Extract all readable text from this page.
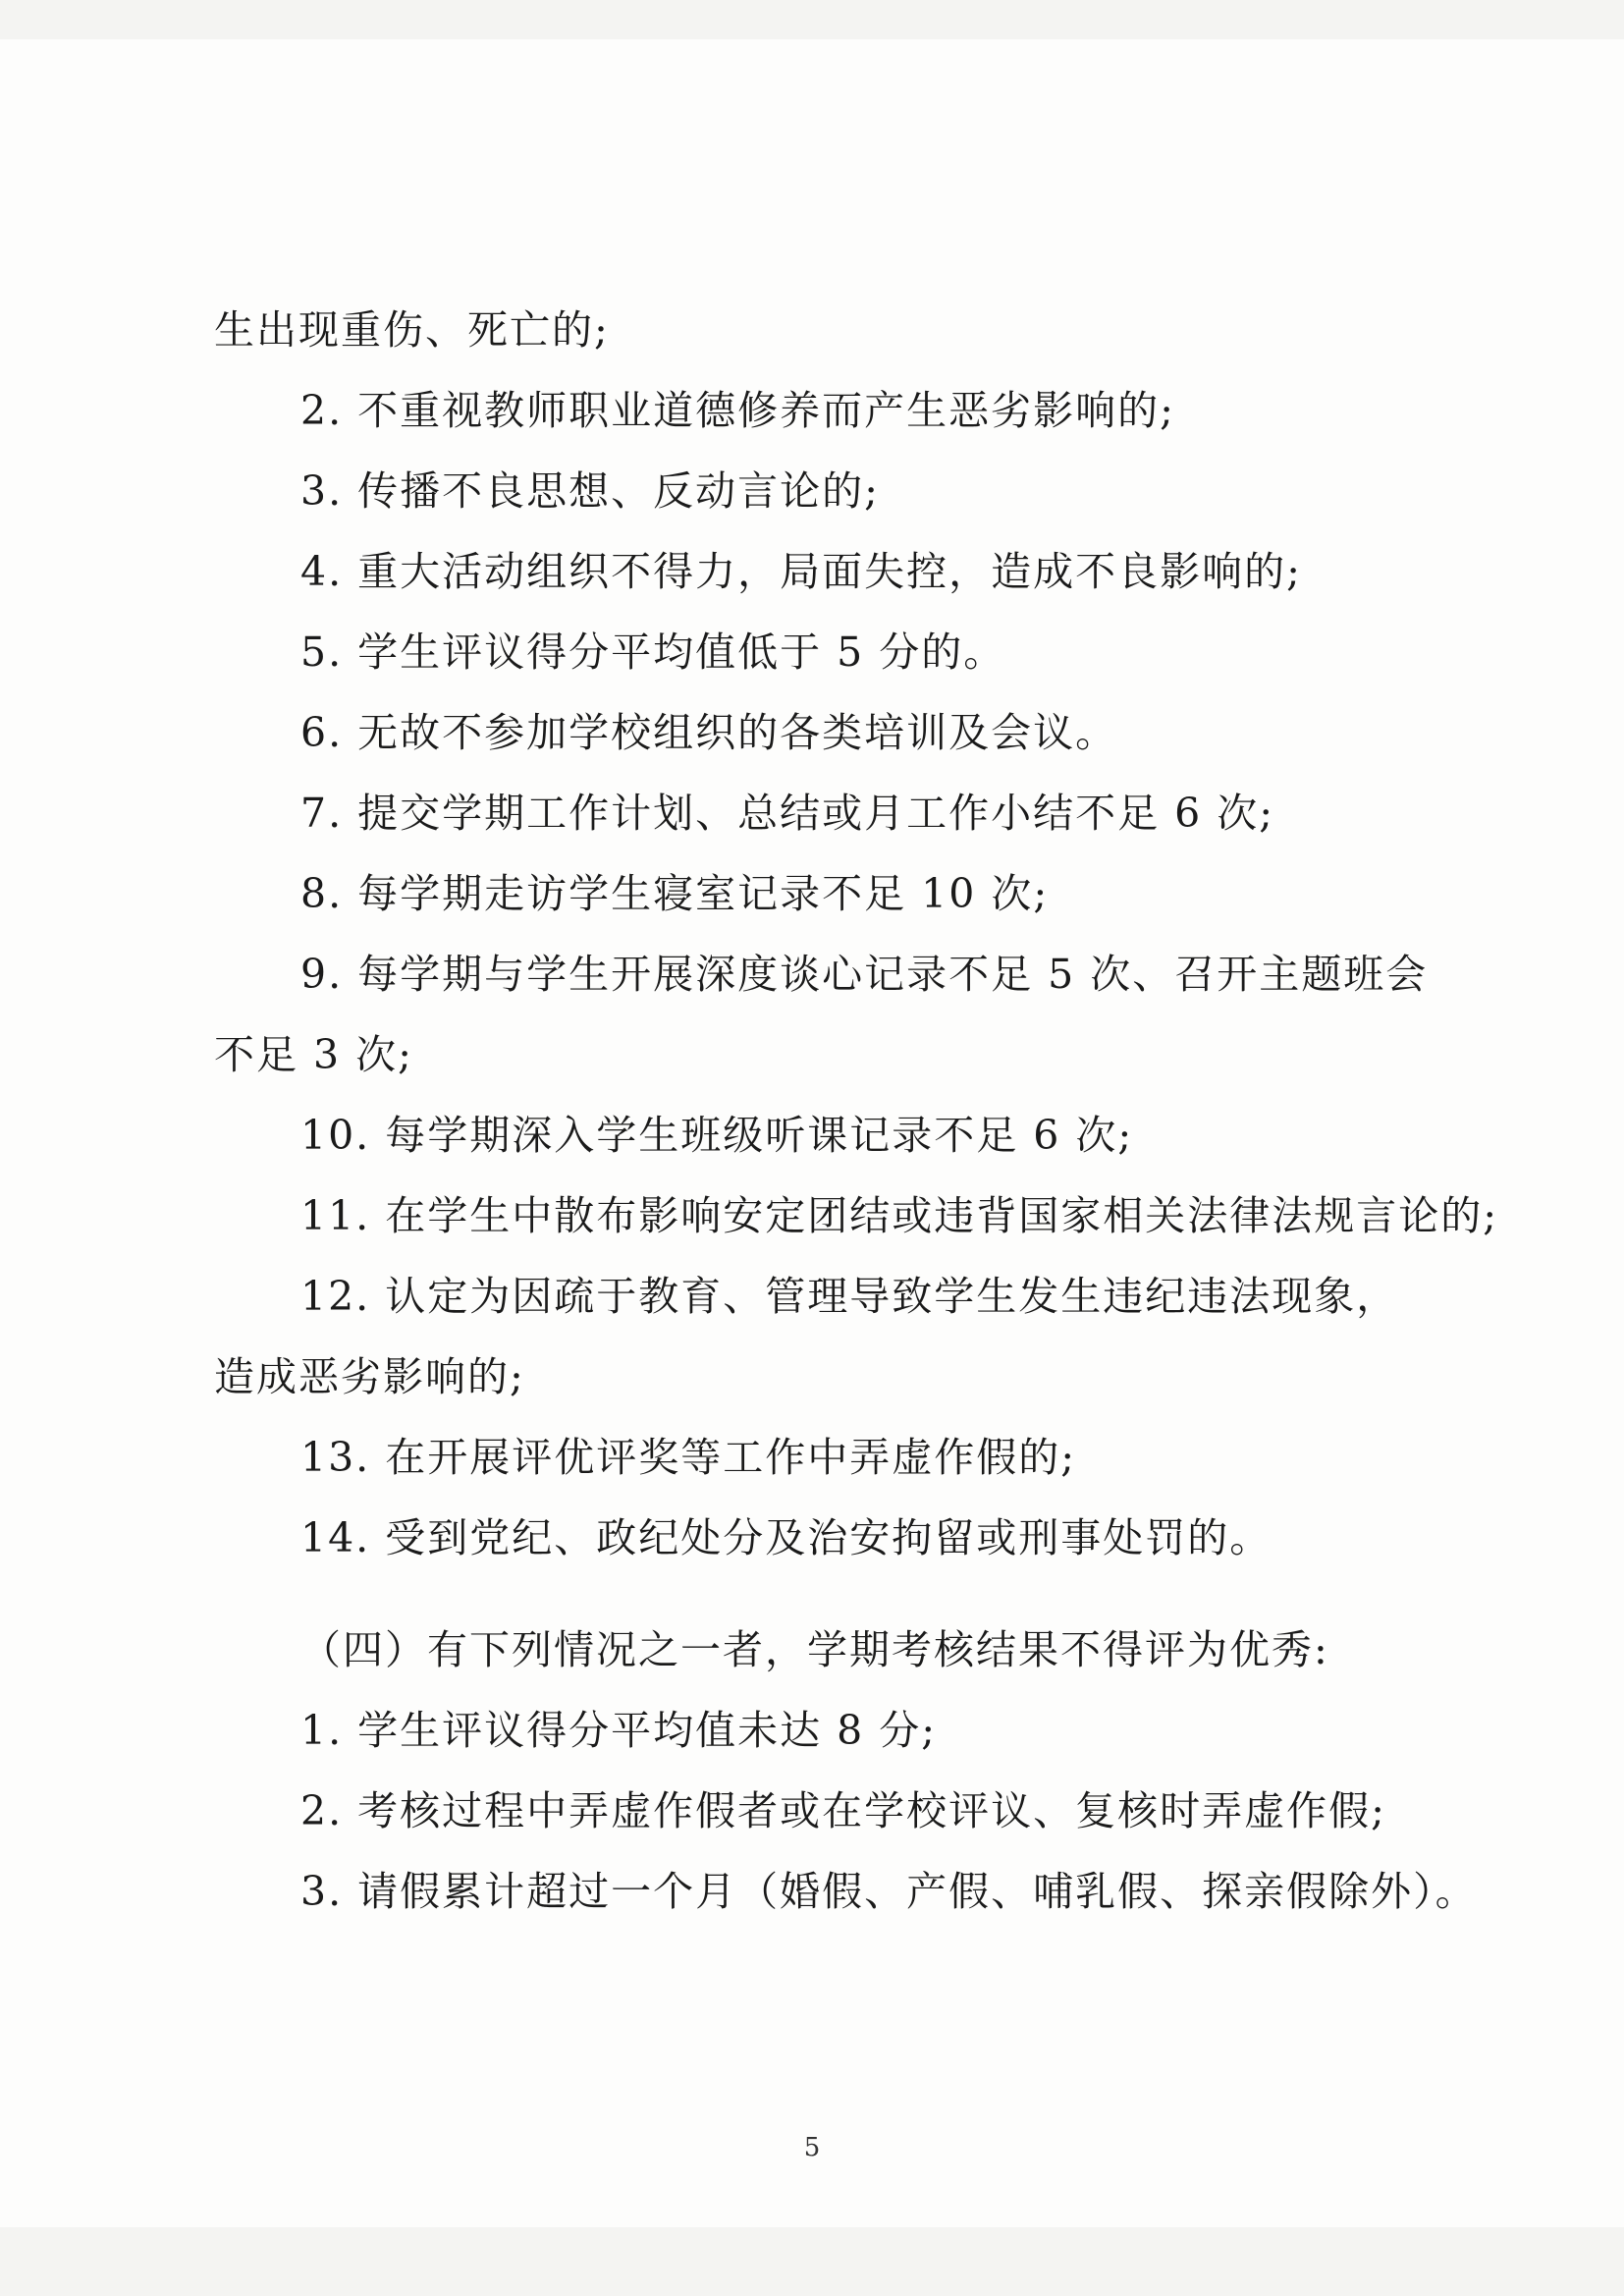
生出现重伤、死亡的;
2. 不重视教师职业道德修养而产生恶劣影响的;
3. 传播不良思想、反动言论的;
4. 重大活动组织不得力，局面失控，造成不良影响的;
5. 学生评议得分平均值低于 5 分的。
6. 无故不参加学校组织的各类培训及会议。
7. 提交学期工作计划、总结或月工作小结不足 6 次;
8. 每学期走访学生寝室记录不足 10 次;
9. 每学期与学生开展深度谈心记录不足 5 次、召开主题班会
不足 3 次;
10. 每学期深入学生班级听课记录不足 6 次;
11. 在学生中散布影响安定团结或违背国家相关法律法规言论的;
12. 认定为因疏于教育、管理导致学生发生违纪违法现象，
造成恶劣影响的;
13. 在开展评优评奖等工作中弄虚作假的;
14. 受到党纪、政纪处分及治安拘留或刑事处罚的。
（四）有下列情况之一者，学期考核结果不得评为优秀:
1. 学生评议得分平均值未达 8 分;
2. 考核过程中弄虚作假者或在学校评议、复核时弄虚作假;
3. 请假累计超过一个月（婚假、产假、哺乳假、探亲假除外）。
5
